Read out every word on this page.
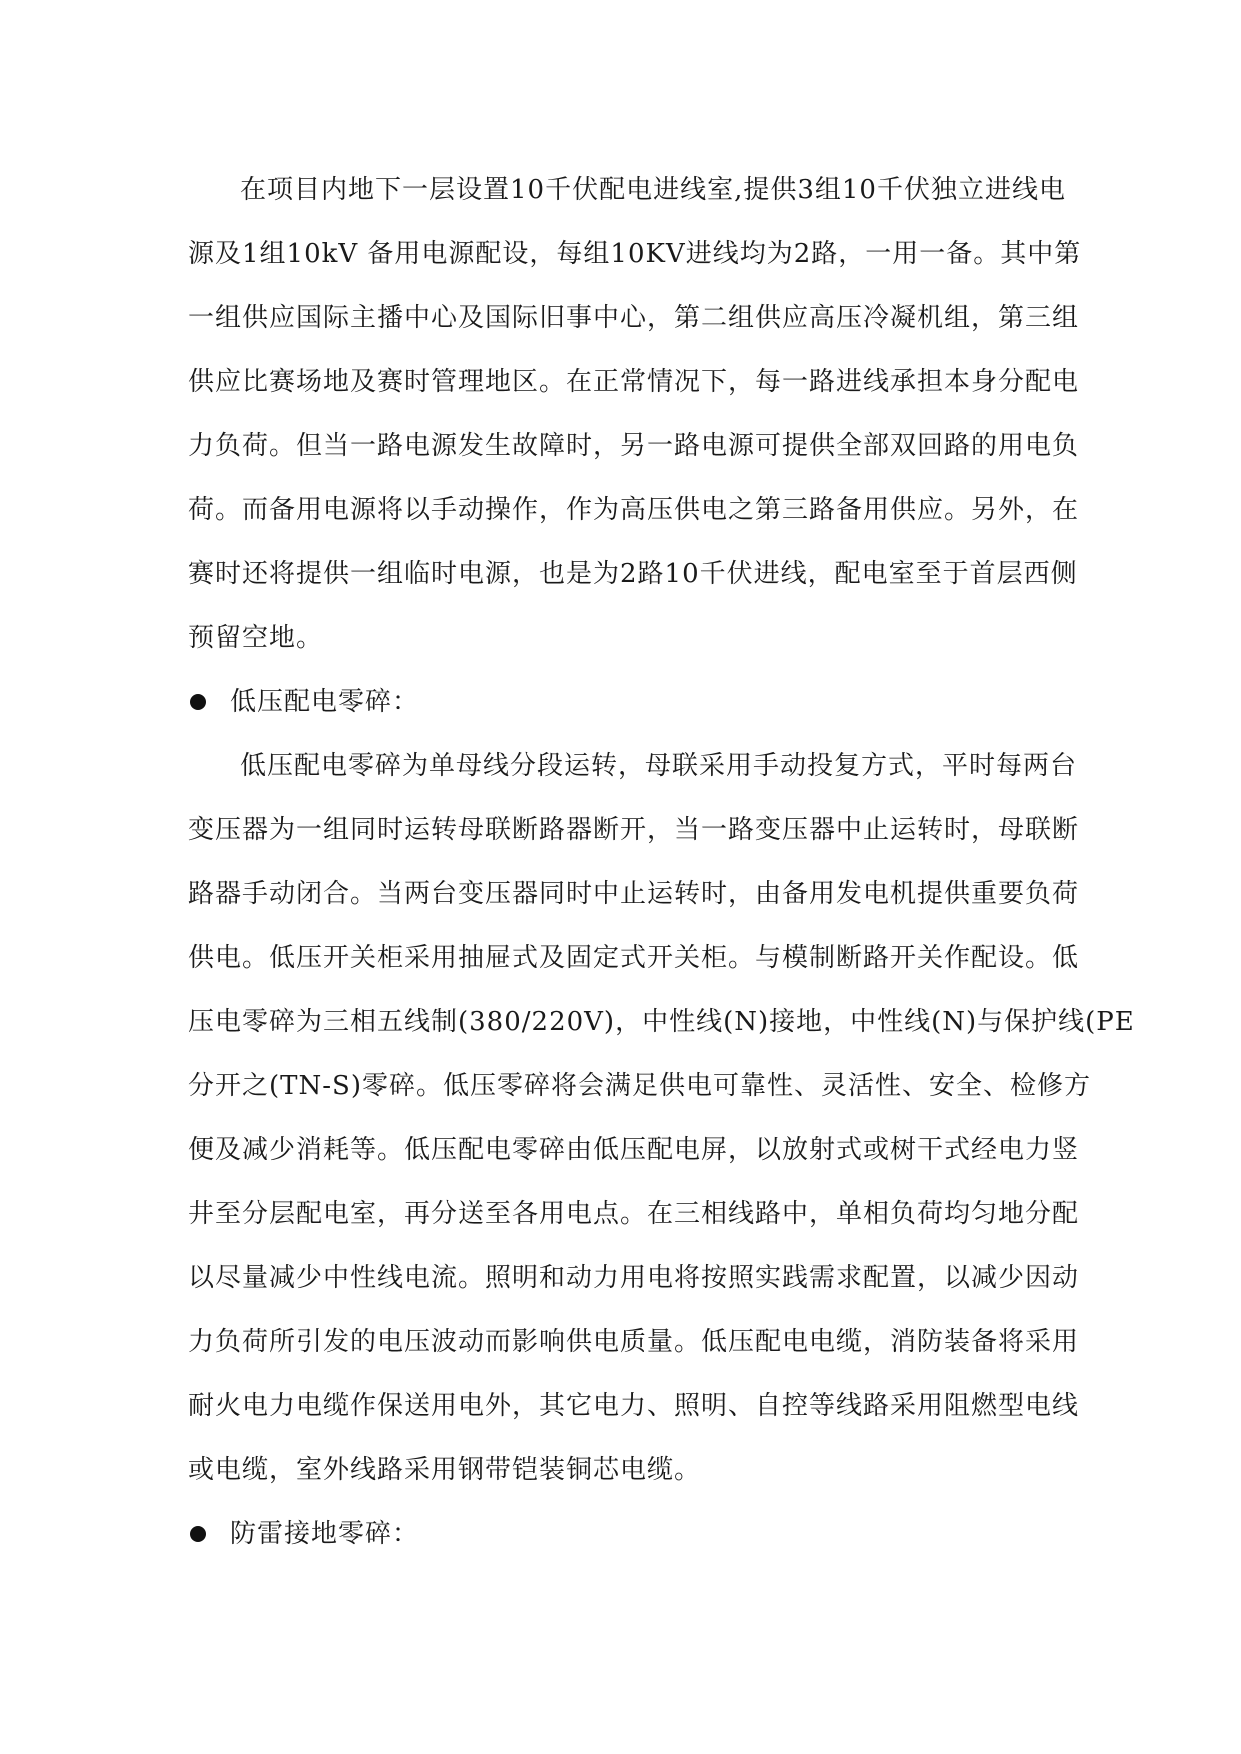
在项目内地下一层设置10千伏配电进线室,提供3组10千伏独立进线电
源及1组10kV 备用电源配设，每组10KV进线均为2路，一用一备。其中第
一组供应国际主播中心及国际旧事中心，第二组供应高压冷凝机组，第三组
供应比赛场地及赛时管理地区。在正常情况下，每一路进线承担本身分配电
力负荷。但当一路电源发生故障时，另一路电源可提供全部双回路的用电负
荷。而备用电源将以手动操作，作为高压供电之第三路备用供应。另外，在
赛时还将提供一组临时电源，也是为2路10千伏进线，配电室至于首层西侧
预留空地。
低压配电零碎：
低压配电零碎为单母线分段运转，母联采用手动投复方式，平时每两台
变压器为一组同时运转母联断路器断开，当一路变压器中止运转时，母联断
路器手动闭合。当两台变压器同时中止运转时，由备用发电机提供重要负荷
供电。低压开关柜采用抽屉式及固定式开关柜。与模制断路开关作配设。低
压电零碎为三相五线制(380/220V)，中性线(N)接地，中性线(N)与保护线(PE
分开之(TN-S)零碎。低压零碎将会满足供电可靠性、灵活性、安全、检修方
便及减少消耗等。低压配电零碎由低压配电屏，以放射式或树干式经电力竖
井至分层配电室，再分送至各用电点。在三相线路中，单相负荷均匀地分配
以尽量减少中性线电流。照明和动力用电将按照实践需求配置，以减少因动
力负荷所引发的电压波动而影响供电质量。低压配电电缆，消防装备将采用
耐火电力电缆作保送用电外，其它电力、照明、自控等线路采用阻燃型电线
或电缆，室外线路采用钢带铠装铜芯电缆。
防雷接地零碎：
